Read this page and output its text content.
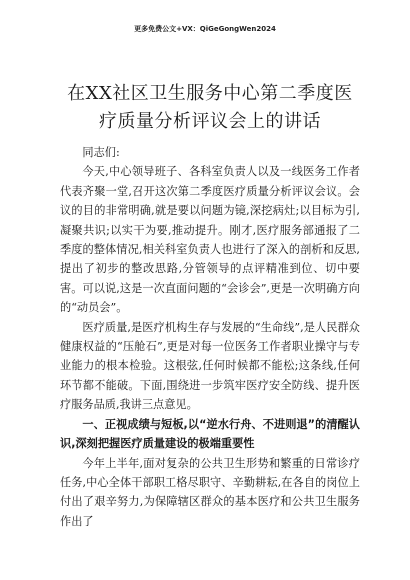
更多免费公文+VX：QiGeGongWen2024
在XX社区卫生服务中心第二季度医疗质量分析评议会上的讲话

同志们:

今天,中心领导班子、各科室负责人以及一线医务工作者代表齐聚一堂,召开这次第二季度医疗质量分析评议会议。会议的目的非常明确,就是要以问题为镜,深挖病灶;以目标为引,凝聚共识;以实干为要,推动提升。刚才,医疗服务部通报了二季度的整体情况,相关科室负责人也进行了深入的剖析和反思,提出了初步的整改思路,分管领导的点评精准到位、切中要害。可以说,这是一次直面问题的“会诊会”,更是一次明确方向的“动员会”。

医疗质量,是医疗机构生存与发展的“生命线”,是人民群众健康权益的“压舱石”,更是对每一位医务工作者职业操守与专业能力的根本检验。这根弦,任何时候都不能松;这条线,任何环节都不能破。下面,围绕进一步筑牢医疗安全防线、提升医疗服务品质,我讲三点意见。

一、正视成绩与短板,以“逆水行舟、不进则退”的清醒认识,深刻把握医疗质量建设的极端重要性

今年上半年,面对复杂的公共卫生形势和繁重的日常诊疗任务,中心全体干部职工格尽职守、辛勤耕耘,在各自的岗位上付出了艰辛努力,为保障辖区群众的基本医疗和公共卫生服务作出了
